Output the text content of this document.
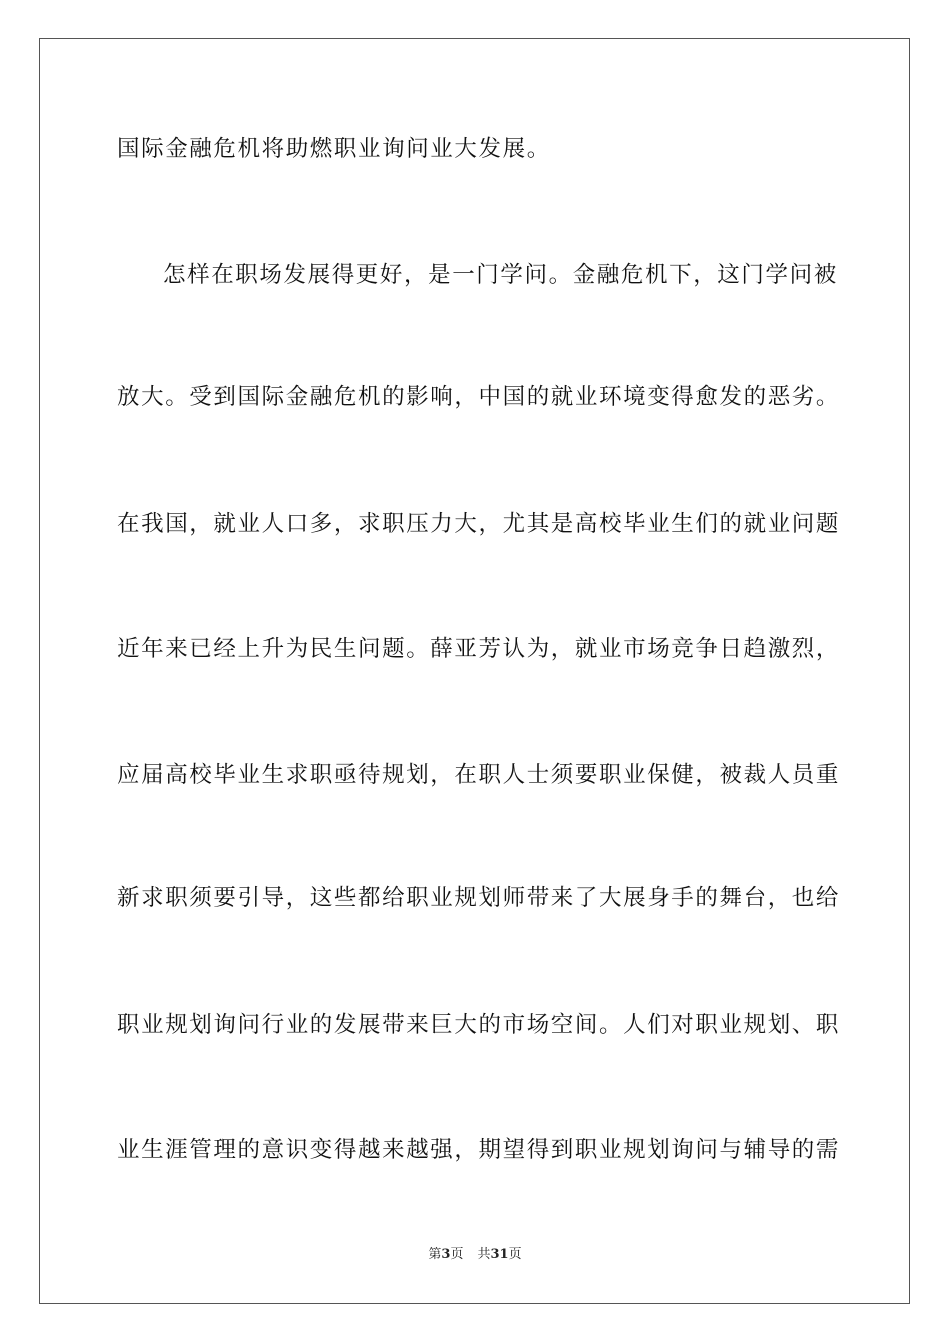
国际金融危机将助燃职业询问业大发展。
怎样在职场发展得更好，是一门学问。金融危机下，这门学问被
放大。受到国际金融危机的影响，中国的就业环境变得愈发的恶劣。
在我国，就业人口多，求职压力大，尤其是高校毕业生们的就业问题
近年来已经上升为民生问题。薛亚芳认为，就业市场竞争日趋激烈，
应届高校毕业生求职亟待规划，在职人士须要职业保健，被裁人员重
新求职须要引导，这些都给职业规划师带来了大展身手的舞台，也给
职业规划询问行业的发展带来巨大的市场空间。人们对职业规划、职
业生涯管理的意识变得越来越强，期望得到职业规划询问与辅导的需
第3页 共31页
